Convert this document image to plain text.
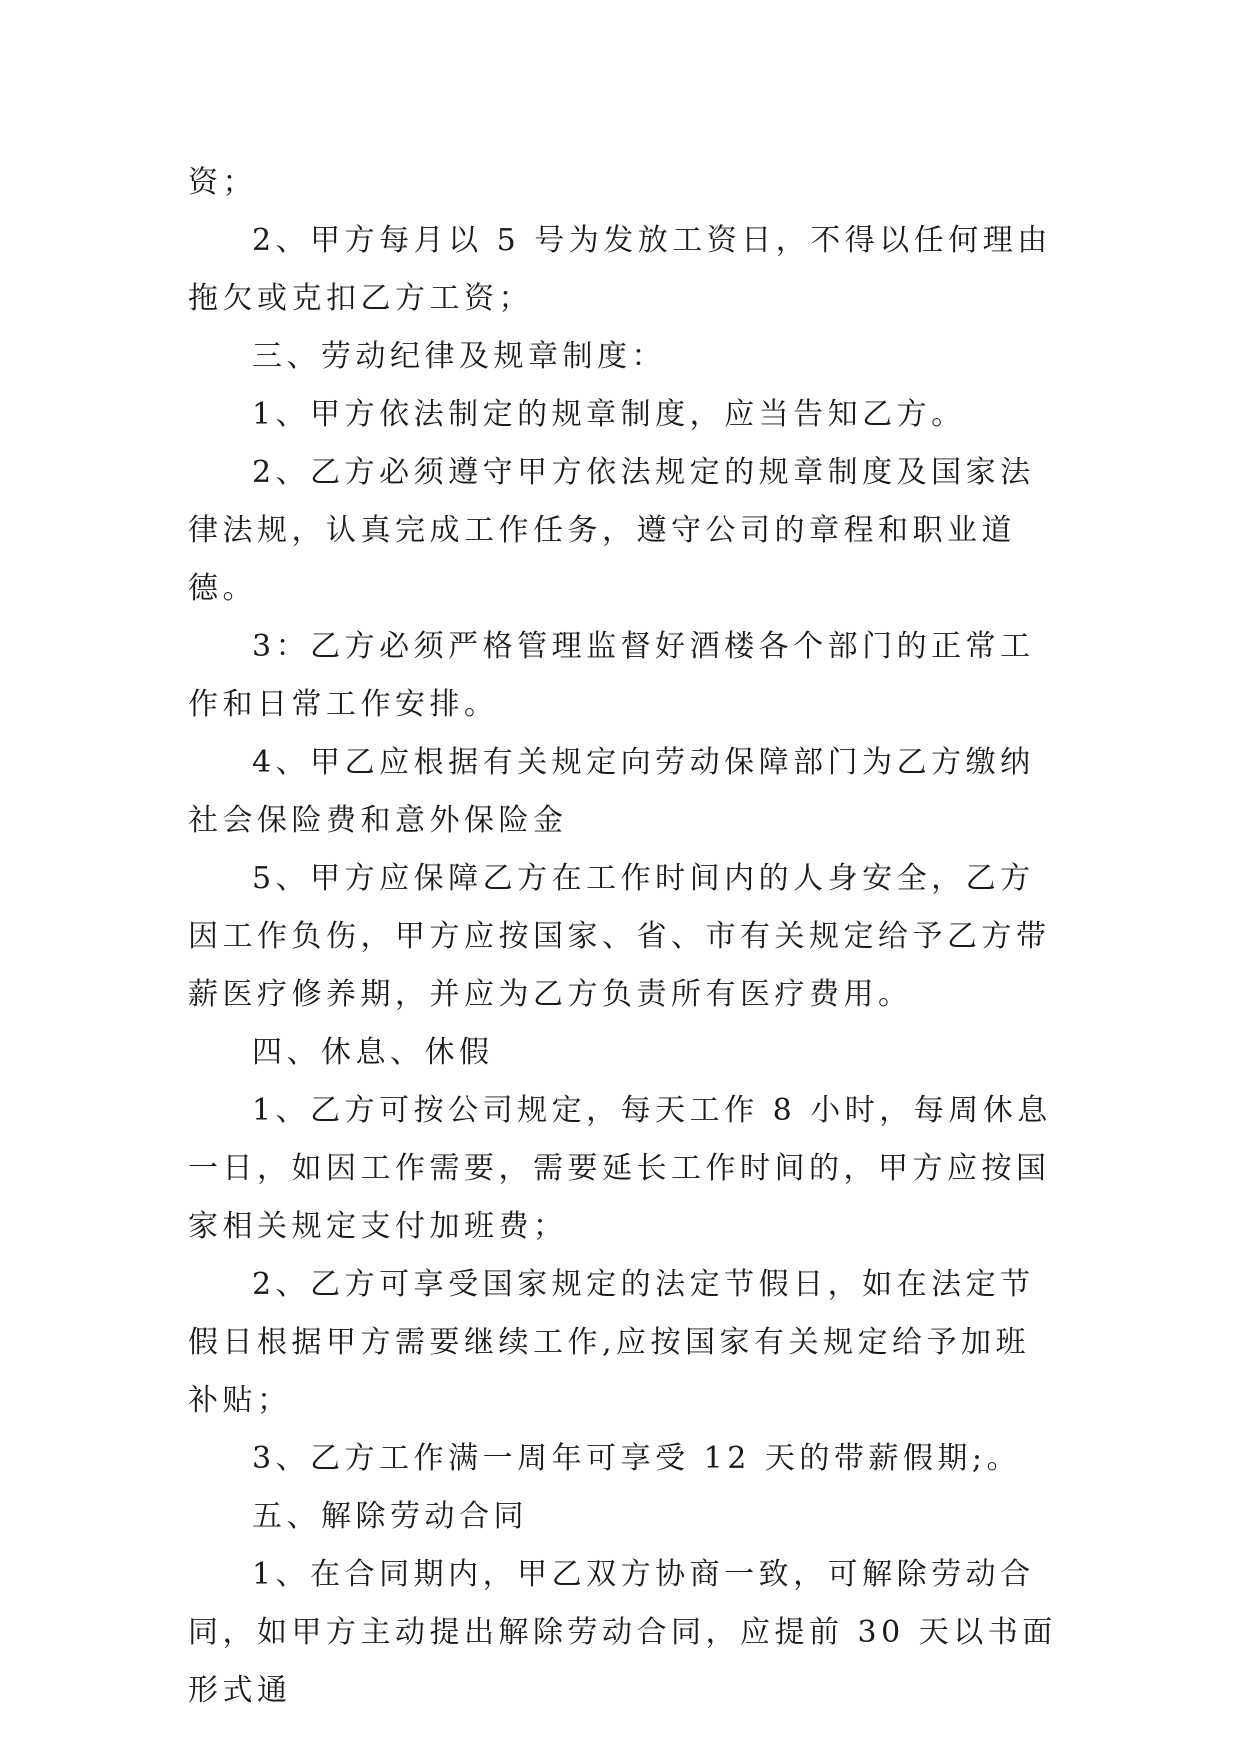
资；

2、甲方每月以 5 号为发放工资日，不得以任何理由拖欠或克扣乙方工资；

三、劳动纪律及规章制度：

1、甲方依法制定的规章制度，应当告知乙方。

2、乙方必须遵守甲方依法规定的规章制度及国家法律法规，认真完成工作任务，遵守公司的章程和职业道德。

3：乙方必须严格管理监督好酒楼各个部门的正常工作和日常工作安排。

4、甲乙应根据有关规定向劳动保障部门为乙方缴纳社会保险费和意外保险金

5、甲方应保障乙方在工作时间内的人身安全，乙方因工作负伤，甲方应按国家、省、市有关规定给予乙方带薪医疗修养期，并应为乙方负责所有医疗费用。

四、休息、休假

1、乙方可按公司规定，每天工作 8 小时，每周休息一日，如因工作需要，需要延长工作时间的，甲方应按国家相关规定支付加班费；

2、乙方可享受国家规定的法定节假日，如在法定节假日根据甲方需要继续工作,应按国家有关规定给予加班补贴；

3、乙方工作满一周年可享受 12 天的带薪假期;。

五、解除劳动合同

1、在合同期内，甲乙双方协商一致，可解除劳动合同，如甲方主动提出解除劳动合同，应提前 30 天以书面形式通
